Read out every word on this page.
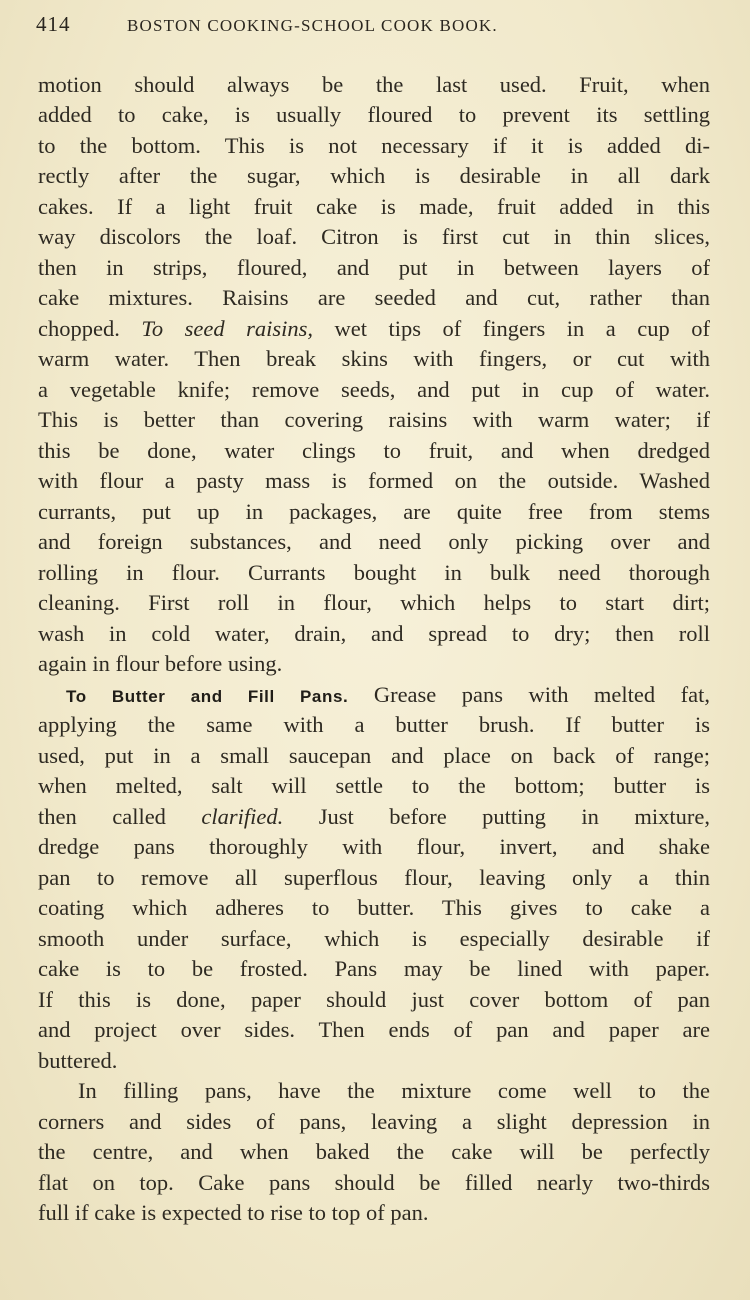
414	BOSTON COOKING-SCHOOL COOK BOOK.
motion should always be the last used. Fruit, when
added to cake, is usually floured to prevent its settling
to the bottom. This is not necessary if it is added di-
rectly after the sugar, which is desirable in all dark
cakes. If a light fruit cake is made, fruit added in this
way discolors the loaf. Citron is first cut in thin slices,
then in strips, floured, and put in between layers of
cake mixtures. Raisins are seeded and cut, rather than
chopped. To seed raisins, wet tips of fingers in a cup of
warm water. Then break skins with fingers, or cut with
a vegetable knife; remove seeds, and put in cup of water.
This is better than covering raisins with warm water; if
this be done, water clings to fruit, and when dredged
with flour a pasty mass is formed on the outside. Washed
currants, put up in packages, are quite free from stems
and foreign substances, and need only picking over and
rolling in flour. Currants bought in bulk need thorough
cleaning. First roll in flour, which helps to start dirt;
wash in cold water, drain, and spread to dry; then roll
again in flour before using.
To Butter and Fill Pans. Grease pans with melted fat,
applying the same with a butter brush. If butter is
used, put in a small saucepan and place on back of range;
when melted, salt will settle to the bottom; butter is
then called clarified. Just before putting in mixture,
dredge pans thoroughly with flour, invert, and shake
pan to remove all superflous flour, leaving only a thin
coating which adheres to butter. This gives to cake a
smooth under surface, which is especially desirable if
cake is to be frosted. Pans may be lined with paper.
If this is done, paper should just cover bottom of pan
and project over sides. Then ends of pan and paper are
buttered.
In filling pans, have the mixture come well to the
corners and sides of pans, leaving a slight depression in
the centre, and when baked the cake will be perfectly
flat on top. Cake pans should be filled nearly two-thirds
full if cake is expected to rise to top of pan.
